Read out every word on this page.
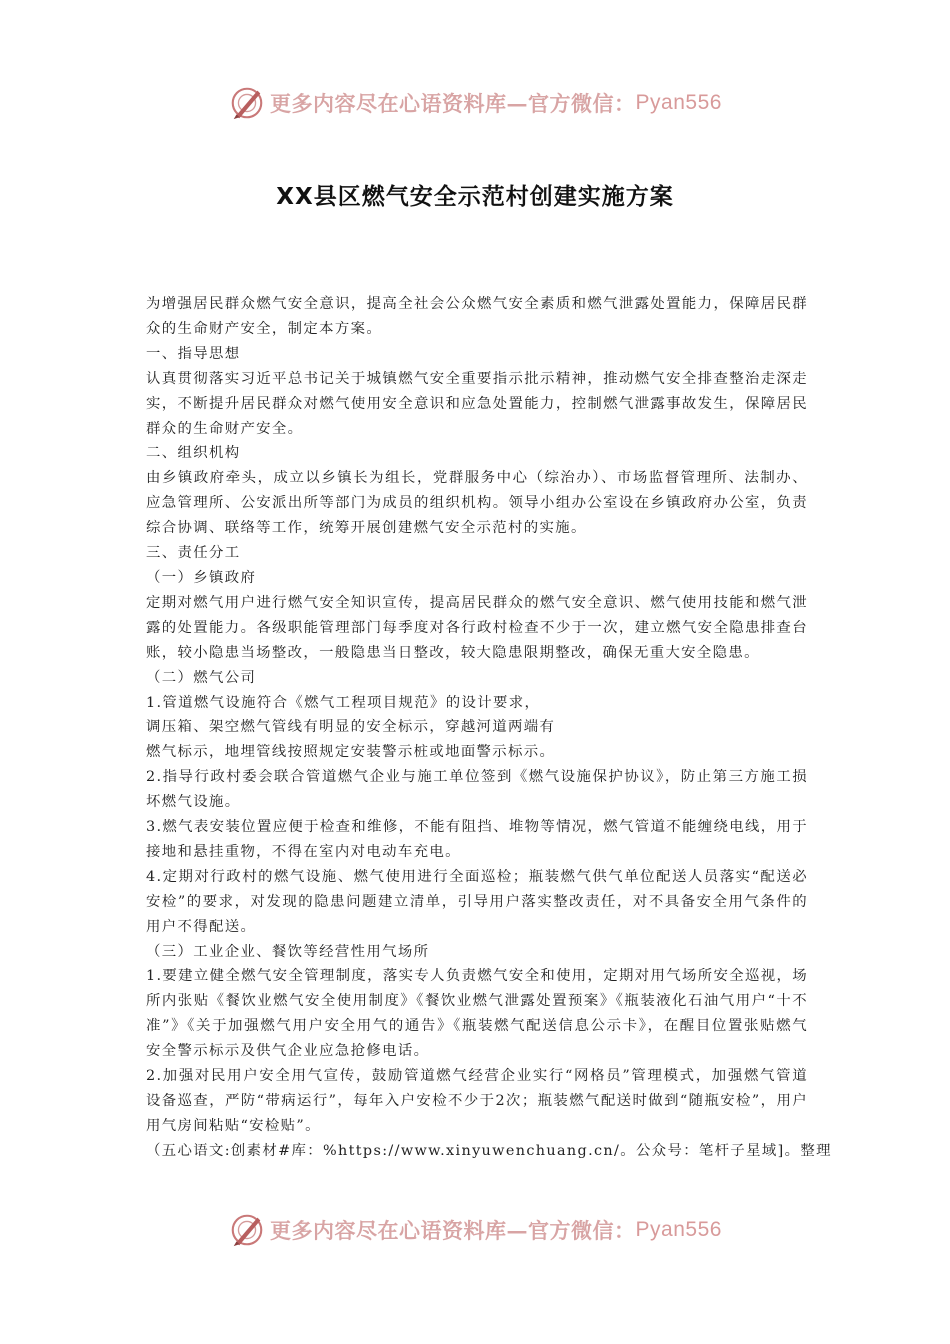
更多内容尽在心语资料库—官方微信： Pyan556
XX县区燃气安全示范村创建实施方案

为增强居民群众燃气安全意识，提高全社会公众燃气安全素质和燃气泄露处置能力，保障居民群众的生命财产安全，制定本方案。

一、指导思想

认真贯彻落实习近平总书记关于城镇燃气安全重要指示批示精神，推动燃气安全排查整治走深走实，不断提升居民群众对燃气使用安全意识和应急处置能力，控制燃气泄露事故发生，保障居民群众的生命财产安全。

二、组织机构

由乡镇政府牵头，成立以乡镇长为组长，党群服务中心（综治办）、市场监督管理所、法制办、应急管理所、公安派出所等部门为成员的组织机构。领导小组办公室设在乡镇政府办公室，负责综合协调、联络等工作，统筹开展创建燃气安全示范村的实施。

三、责任分工

（一）乡镇政府

定期对燃气用户进行燃气安全知识宣传，提高居民群众的燃气安全意识、燃气使用技能和燃气泄露的处置能力。各级职能管理部门每季度对各行政村检查不少于一次，建立燃气安全隐患排查台账，较小隐患当场整改，一般隐患当日整改，较大隐患限期整改，确保无重大安全隐患。

（二）燃气公司

1.管道燃气设施符合《燃气工程项目规范》的设计要求，

调压箱、架空燃气管线有明显的安全标示，穿越河道两端有

燃气标示，地埋管线按照规定安装警示桩或地面警示标示。

2.指导行政村委会联合管道燃气企业与施工单位签到《燃气设施保护协议》，防止第三方施工损坏燃气设施。

3.燃气表安装位置应便于检查和维修，不能有阻挡、堆物等情况，燃气管道不能缠绕电线，用于接地和悬挂重物，不得在室内对电动车充电。

4.定期对行政村的燃气设施、燃气使用进行全面巡检；瓶装燃气供气单位配送人员落实“配送必安检”的要求，对发现的隐患问题建立清单，引导用户落实整改责任，对不具备安全用气条件的用户不得配送。

（三）工业企业、餐饮等经营性用气场所

1.要建立健全燃气安全管理制度，落实专人负责燃气安全和使用，定期对用气场所安全巡视，场所内张贴《餐饮业燃气安全使用制度》《餐饮业燃气泄露处置预案》《瓶装液化石油气用户“十不准”》《关于加强燃气用户安全用气的通告》《瓶装燃气配送信息公示卡》，在醒目位置张贴燃气安全警示标示及供气企业应急抢修电话。

2.加强对民用户安全用气宣传，鼓励管道燃气经营企业实行“网格员”管理模式，加强燃气管道设备巡查，严防“带病运行”，每年入户安检不少于2次；瓶装燃气配送时做到“随瓶安检”，用户用气房间粘贴“安检贴”。

（五心语文:创素材#库：%https://www.xinyuwenchuang.cn/。公众号：笔杆子星域]。整理

更多内容尽在心语资料库—官方微信： Pyan556
